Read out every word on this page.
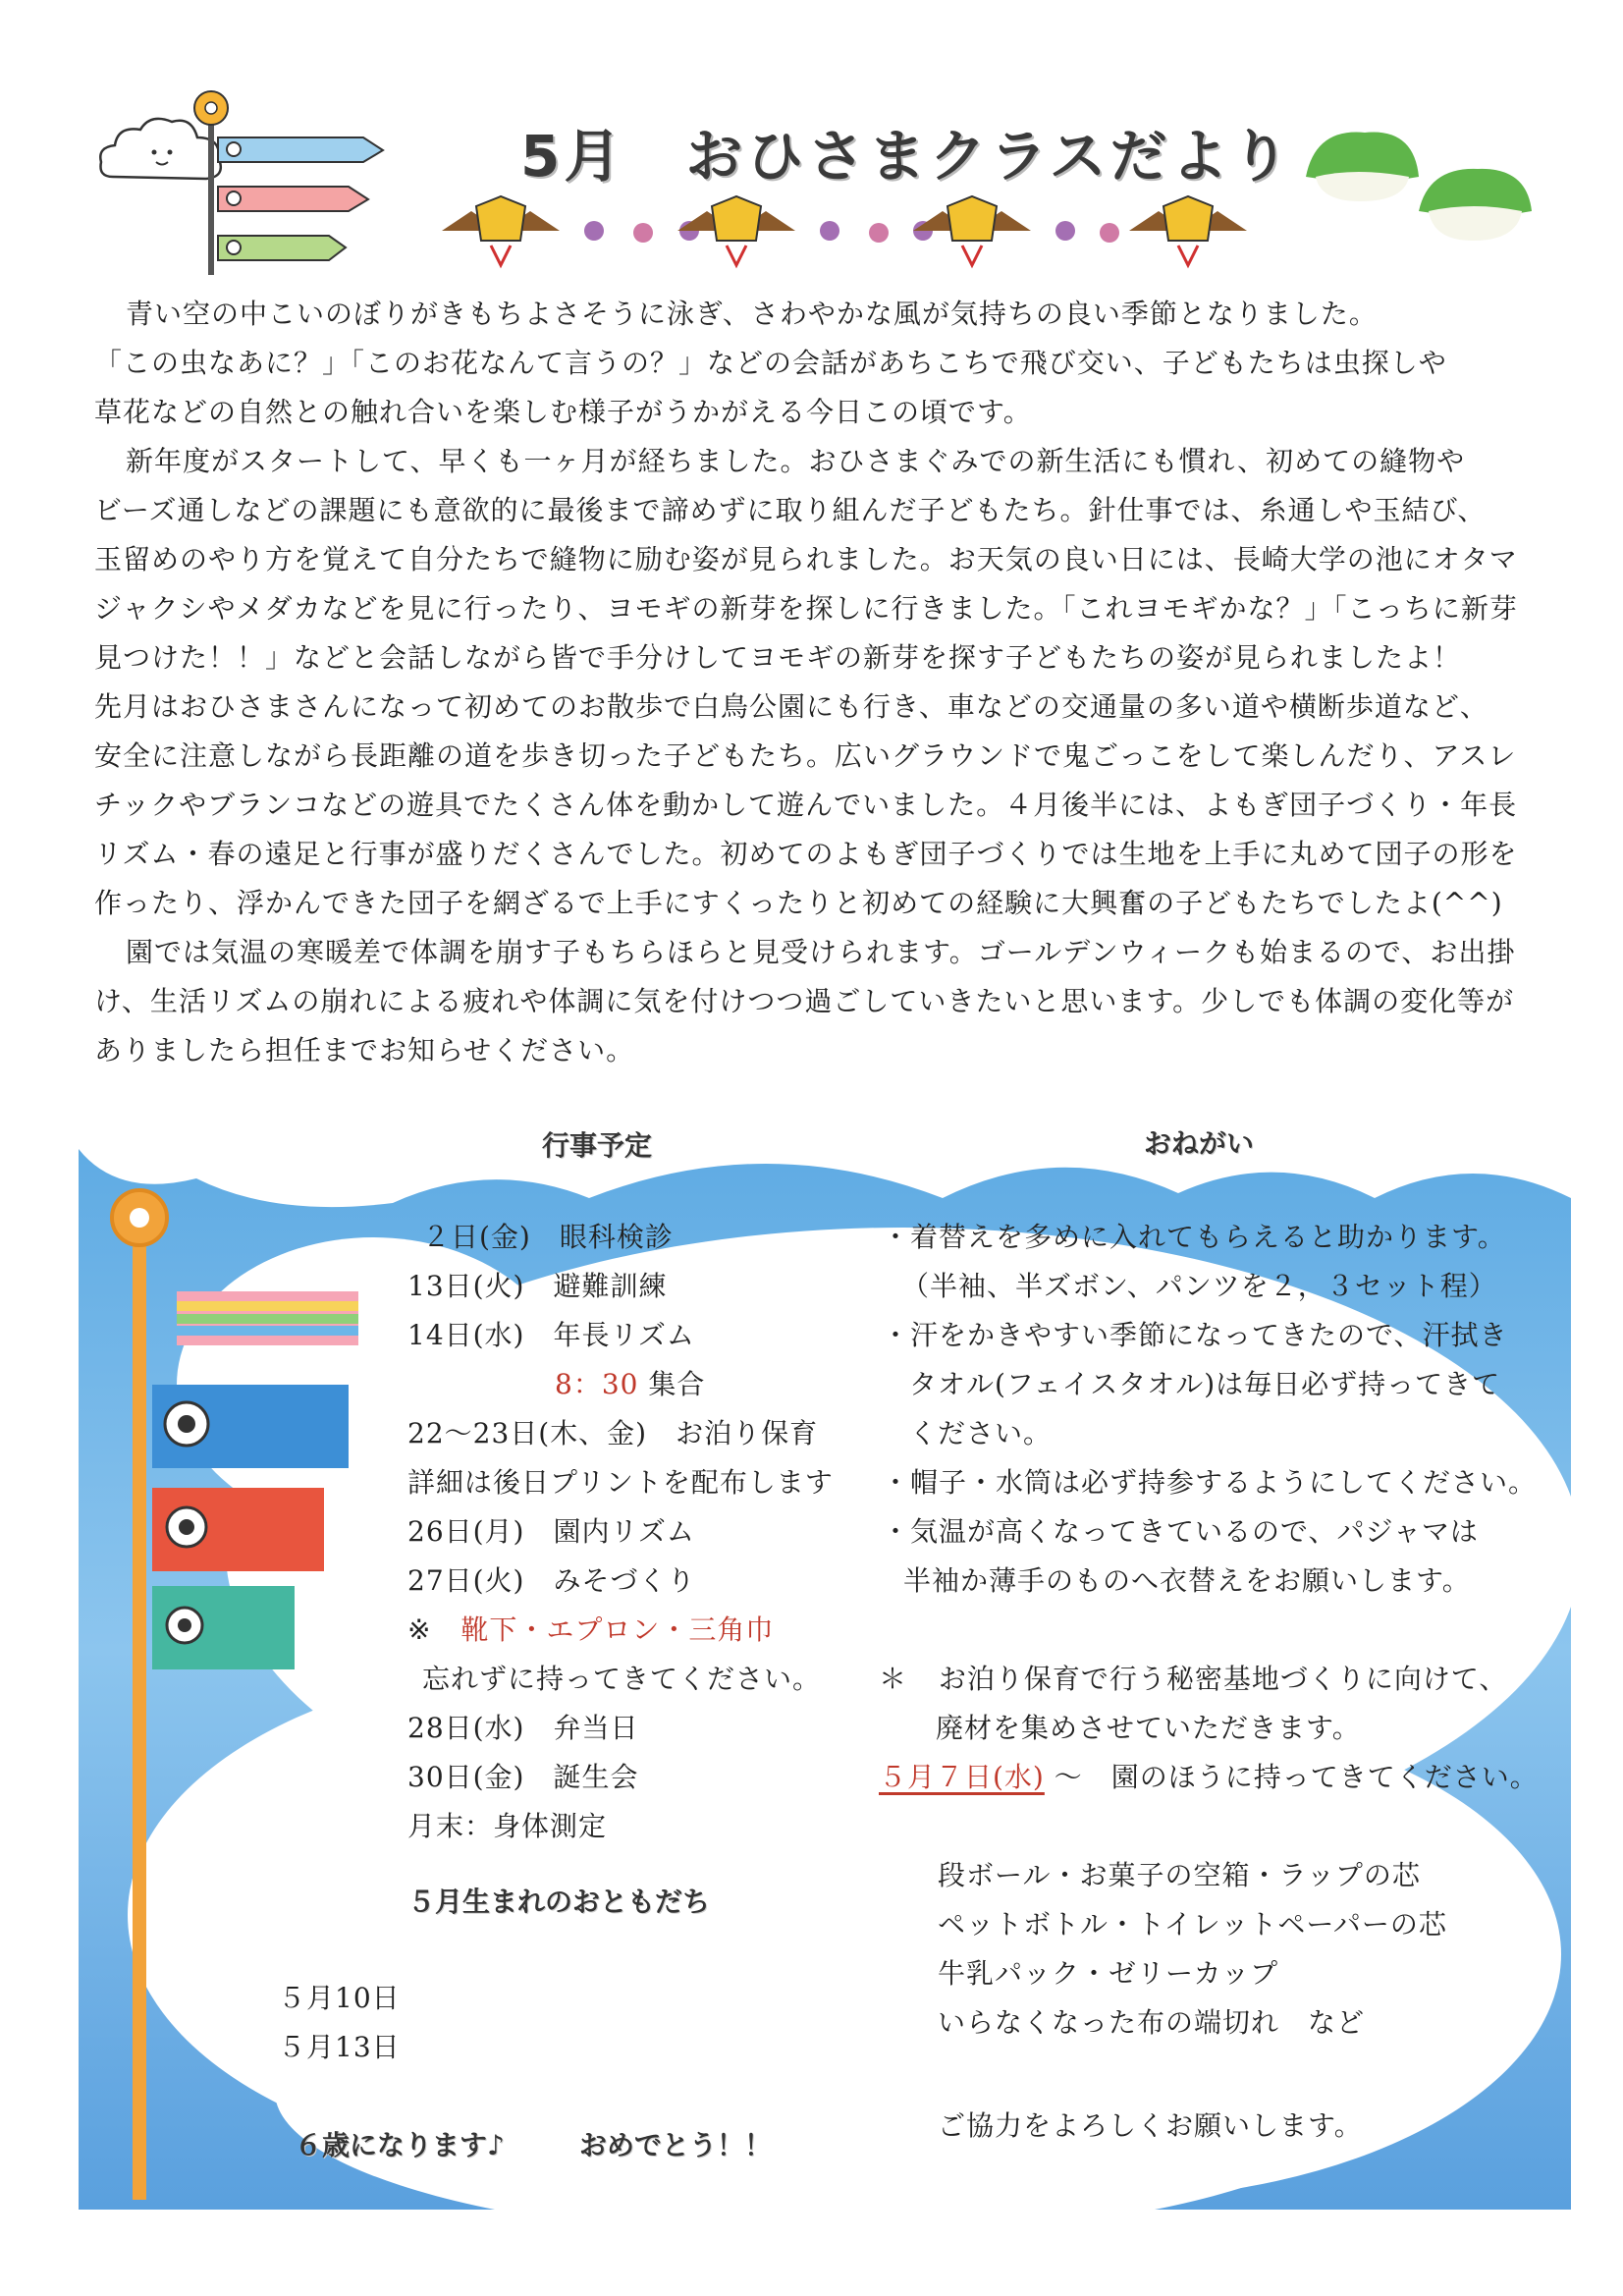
5月　おひさまクラスだより

青い空の中こいのぼりがきもちよさそうに泳ぎ、さわやかな風が気持ちの良い季節となりました。

「この虫なあに？」「このお花なんて言うの？」などの会話があちこちで飛び交い、子どもたちは虫探しや

草花などの自然との触れ合いを楽しむ様子がうかがえる今日この頃です。

新年度がスタートして、早くも一ヶ月が経ちました。おひさまぐみでの新生活にも慣れ、初めての縫物や

ビーズ通しなどの課題にも意欲的に最後まで諦めずに取り組んだ子どもたち。針仕事では、糸通しや玉結び、

玉留めのやり方を覚えて自分たちで縫物に励む姿が見られました。お天気の良い日には、長崎大学の池にオタマ

ジャクシやメダカなどを見に行ったり、ヨモギの新芽を探しに行きました。「これヨモギかな？」「こっちに新芽

見つけた！！」などと会話しながら皆で手分けしてヨモギの新芽を探す子どもたちの姿が見られましたよ！

先月はおひさまさんになって初めてのお散歩で白鳥公園にも行き、車などの交通量の多い道や横断歩道など、

安全に注意しながら長距離の道を歩き切った子どもたち。広いグラウンドで鬼ごっこをして楽しんだり、アスレ

チックやブランコなどの遊具でたくさん体を動かして遊んでいました。４月後半には、よもぎ団子づくり・年長

リズム・春の遠足と行事が盛りだくさんでした。初めてのよもぎ団子づくりでは生地を上手に丸めて団子の形を

作ったり、浮かんできた団子を網ざるで上手にすくったりと初めての経験に大興奮の子どもたちでしたよ(^^)

園では気温の寒暖差で体調を崩す子もちらほらと見受けられます。ゴールデンウィークも始まるので、お出掛

け、生活リズムの崩れによる疲れや体調に気を付けつつ過ごしていきたいと思います。少しでも体調の変化等が

ありましたら担任までお知らせください。

行事予定
２日(金)　眼科検診
13日(火)　避難訓練
14日(水)　年長リズム
8：30 集合
22～23日(木、金)　お泊り保育
詳細は後日プリントを配布します
26日(月)　園内リズム
27日(火)　みそづくり
※ 靴下・エプロン・三角巾
忘れずに持ってきてください。
28日(水)　弁当日
30日(金)　誕生会
月末：身体測定
５月生まれのおともだち
５月10日
５月13日
６歳になります♪	おめでとう！！
おねがい
・着替えを多めに入れてもらえると助かります。
（半袖、半ズボン、パンツを２，３セット程）
・汗をかきやすい季節になってきたので、汗拭き
タオル(フェイスタオル)は毎日必ず持ってきて
ください。
・帽子・水筒は必ず持参するようにしてください。
・気温が高くなってきているので、パジャマは
半袖か薄手のものへ衣替えをお願いします。
＊ お泊り保育で行う秘密基地づくりに向けて、
廃材を集めさせていただきます。
５月７日(水) ～　園のほうに持ってきてください。
段ボール・お菓子の空箱・ラップの芯
ペットボトル・トイレットペーパーの芯
牛乳パック・ゼリーカップ
いらなくなった布の端切れ　など
ご協力をよろしくお願いします。
